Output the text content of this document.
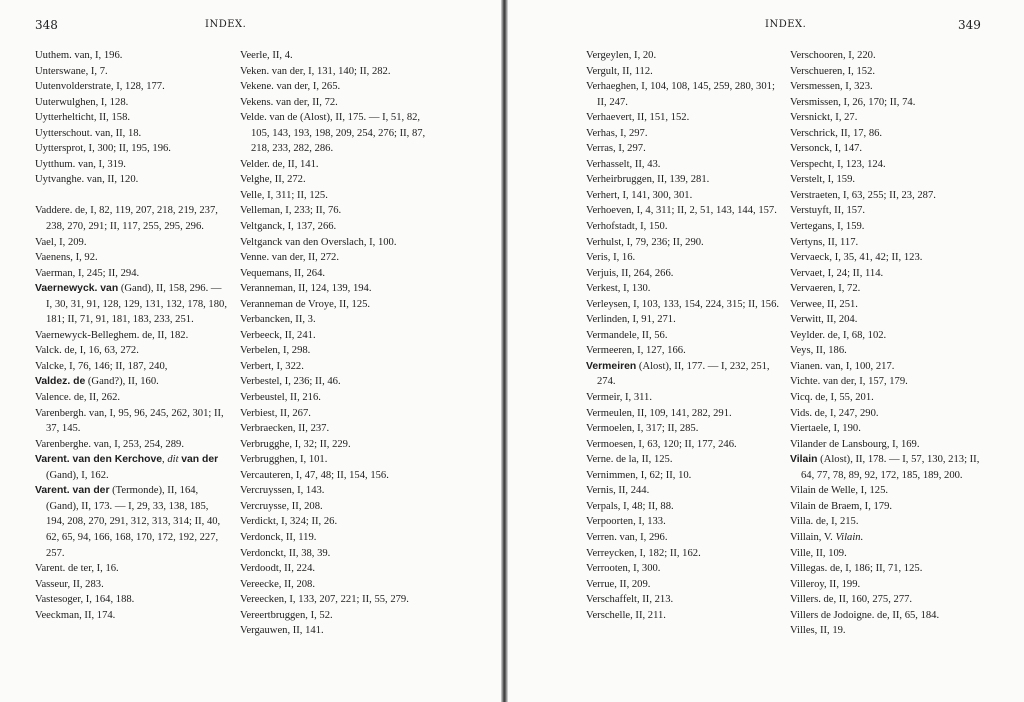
348	INDEX.
Uuthem. van, I, 196.
Unterswane, I, 7.
Uutenvolderstrate, I, 128, 177.
Uuterwulghen, I, 128.
Uytterhelticht, II, 158.
Uytterschout. van, II, 18.
Uyttersprot, I, 300; II, 195, 196.
Uytthum. van, I, 319.
Uytvanghe. van, II, 120.
Vaddere. de, I, 82, 119, 207, 218, 219, 237, 238, 270, 291; II, 117, 255, 295, 296.
Vael, I, 209.
Vaenens, I, 92.
Vaerman, I, 245; II, 294.
Vaernewyck. van (Gand), II, 158, 296. — I, 30, 31, 91, 128, 129, 131, 132, 178, 180, 181; II, 71, 91, 181, 183, 233, 251.
Vaernewyck-Belleghem. de, II, 182.
Valck. de, I, 16, 63, 272.
Valcke, I, 76, 146; II, 187, 240,
Valdez. de (Gand?), II, 160.
Valence. de, II, 262.
Varenbergh. van, I, 95, 96, 245, 262, 301; II, 37, 145.
Varenberghe. van, I, 253, 254, 289.
Varent. van den Kerchove, dit van der (Gand), I, 162.
Varent. van der (Termonde), II, 164, (Gand), II, 173. — I, 29, 33, 138, 185, 194, 208, 270, 291, 312, 313, 314; II, 40, 62, 65, 94, 166, 168, 170, 172, 192, 227, 257.
Varent. de ter, I, 16.
Vasseur, II, 283.
Vastesoger, I, 164, 188.
Veeckman, II, 174.
Veerle, II, 4.
Veken. van der, I, 131, 140; II, 282.
Vekene. van der, I, 265.
Vekens. van der, II, 72.
Velde. van de (Alost), II, 175. — I, 51, 82, 105, 143, 193, 198, 209, 254, 276; II, 87, 218, 233, 282, 286.
Velder. de, II, 141.
Velghe, II, 272.
Velle, I, 311; II, 125.
Velleman, I, 233; II, 76.
Veltganck, I, 137, 266.
Veltganck van den Overslach, I, 100.
Venne. van der, II, 272.
Vequemans, II, 264.
Veranneman, II, 124, 139, 194.
Veranneman de Vroye, II, 125.
Verbancken, II, 3.
Verbeeck, II, 241.
Verbelen, I, 298.
Verbert, I, 322.
Verbestel, I, 236; II, 46.
Verbeustel, II, 216.
Verbiest, II, 267.
Verbraecken, II, 237.
Verbrugghe, I, 32; II, 229.
Verbrugghen, I, 101.
Vercauteren, I, 47, 48; II, 154, 156.
Vercruyssen, I, 143.
Vercruysse, II, 208.
Verdickt, I, 324; II, 26.
Verdonck, II, 119.
Verdonckt, II, 38, 39.
Verdoodt, II, 224.
Vereecke, II, 208.
Vereecken, I, 133, 207, 221; II, 55, 279.
Vereertbruggen, I, 52.
Vergauwen, II, 141.
INDEX.	349
Vergeylen, I, 20.
Vergult, II, 112.
Verhaeghen, I, 104, 108, 145, 259, 280, 301; II, 247.
Verhaevert, II, 151, 152.
Verhas, I, 297.
Verras, I, 297.
Verhasselt, II, 43.
Verheirbruggen, II, 139, 281.
Verhert, I, 141, 300, 301.
Verhoeven, I, 4, 311; II, 2, 51, 143, 144, 157.
Verhofstadt, I, 150.
Verhulst, I, 79, 236; II, 290.
Veris, I, 16.
Verjuis, II, 264, 266.
Verkest, I, 130.
Verleysen, I, 103, 133, 154, 224, 315; II, 156.
Verlinden, I, 91, 271.
Vermandele, II, 56.
Vermeeren, I, 127, 166.
Vermeiren (Alost), II, 177. — I, 232, 251, 274.
Vermeir, I, 311.
Vermeulen, II, 109, 141, 282, 291.
Vermoelen, I, 317; II, 285.
Vermoesen, I, 63, 120; II, 177, 246.
Verne. de la, II, 125.
Vernimmen, I, 62; II, 10.
Vernis, II, 244.
Verpals, I, 48; II, 88.
Verpoorten, I, 133.
Verren. van, I, 296.
Verreycken, I, 182; II, 162.
Verrooten, I, 300.
Verrue, II, 209.
Verschaffelt, II, 213.
Verschelle, II, 211.
Verschooren, I, 220.
Verschueren, I, 152.
Versmessen, I, 323.
Versmissen, I, 26, 170; II, 74.
Versnickt, I, 27.
Verschrick, II, 17, 86.
Versonck, I, 147.
Verspecht, I, 123, 124.
Verstelt, I, 159.
Verstraeten, I, 63, 255; II, 23, 287.
Verstuyft, II, 157.
Vertegans, I, 159.
Vertyns, II, 117.
Vervaeck, I, 35, 41, 42; II, 123.
Vervaet, I, 24; II, 114.
Vervaeren, I, 72.
Verwee, II, 251.
Verwitt, II, 204.
Veylder. de, I, 68, 102.
Veys, II, 186.
Vianen. van, I, 100, 217.
Vichte. van der, I, 157, 179.
Vicq. de, I, 55, 201.
Vids. de, I, 247, 290.
Viertaele, I, 190.
Vilander de Lansbourg, I, 169.
Vilain (Alost), II, 178. — I, 57, 130, 213; II, 64, 77, 78, 89, 92, 172, 185, 189, 200.
Vilain de Welle, I, 125.
Vilain de Braem, I, 179.
Villa. de, I, 215.
Villain, V. Vilain.
Ville, II, 109.
Villegas. de, I, 186; II, 71, 125.
Villeroy, II, 199.
Villers. de, II, 160, 275, 277.
Villers de Jodoigne. de, II, 65, 184.
Villes, II, 19.
